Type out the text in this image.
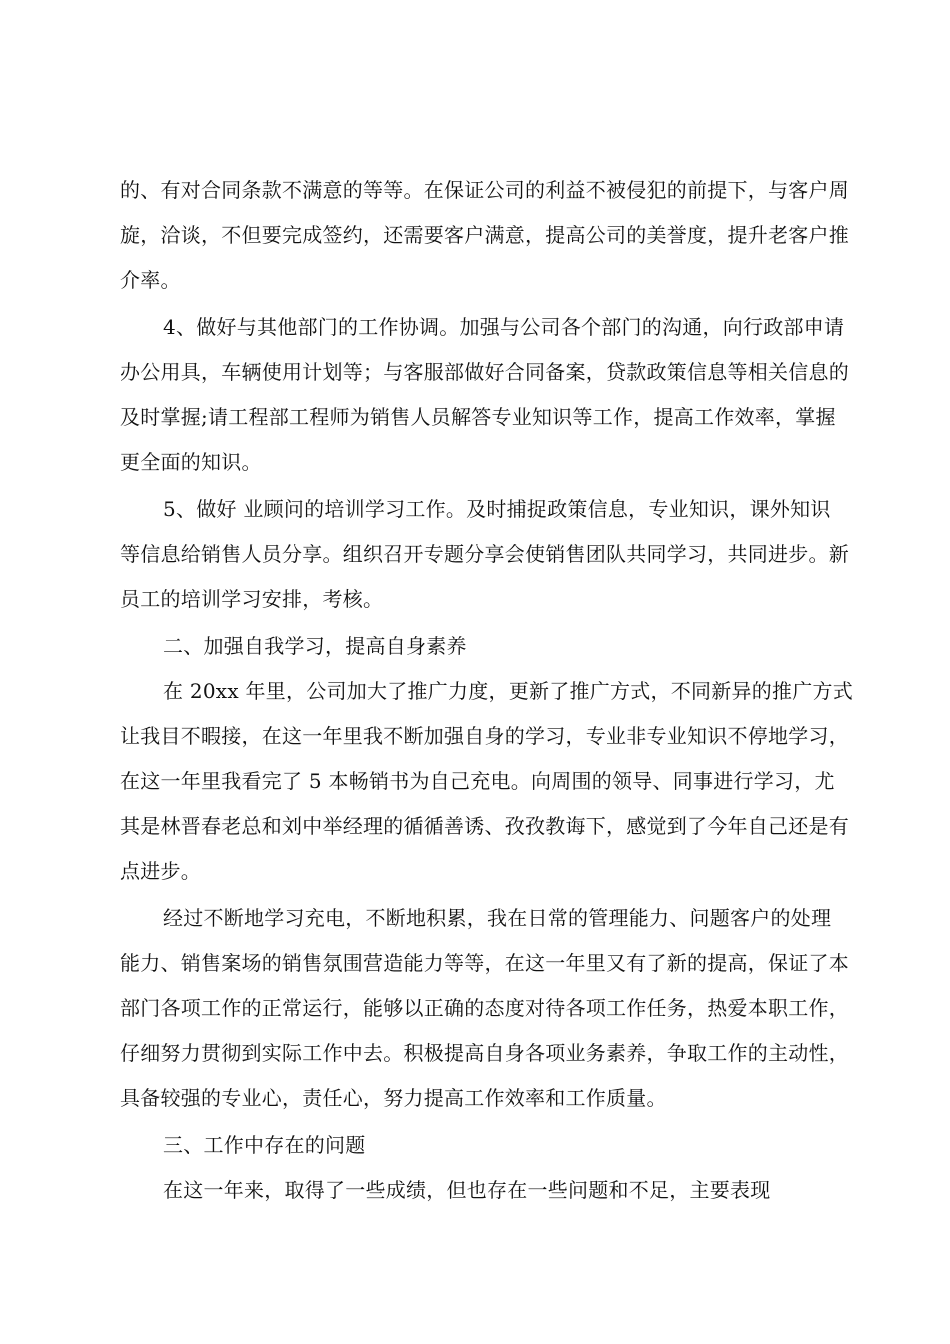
的、有对合同条款不满意的等等。在保证公司的利益不被侵犯的前提下，与客户周
旋，洽谈，不但要完成签约，还需要客户满意，提高公司的美誉度，提升老客户推
介率。
4、做好与其他部门的工作协调。加强与公司各个部门的沟通，向行政部申请
办公用具，车辆使用计划等；与客服部做好合同备案，贷款政策信息等相关信息的
及时掌握;请工程部工程师为销售人员解答专业知识等工作，提高工作效率，掌握
更全面的知识。
5、做好 业顾问的培训学习工作。及时捕捉政策信息，专业知识，课外知识
等信息给销售人员分享。组织召开专题分享会使销售团队共同学习，共同进步。新
员工的培训学习安排，考核。
二、加强自我学习，提高自身素养
在 20xx 年里，公司加大了推广力度，更新了推广方式，不同新异的推广方式
让我目不暇接，在这一年里我不断加强自身的学习，专业非专业知识不停地学习，
在这一年里我看完了 5 本畅销书为自己充电。向周围的领导、同事进行学习，尤
其是林晋春老总和刘中举经理的循循善诱、孜孜教诲下，感觉到了今年自己还是有
点进步。
经过不断地学习充电，不断地积累，我在日常的管理能力、问题客户的处理
能力、销售案场的销售氛围营造能力等等，在这一年里又有了新的提高，保证了本
部门各项工作的正常运行，能够以正确的态度对待各项工作任务，热爱本职工作，
仔细努力贯彻到实际工作中去。积极提高自身各项业务素养，争取工作的主动性，
具备较强的专业心，责任心，努力提高工作效率和工作质量。
三、工作中存在的问题
在这一年来，取得了一些成绩，但也存在一些问题和不足，主要表现
